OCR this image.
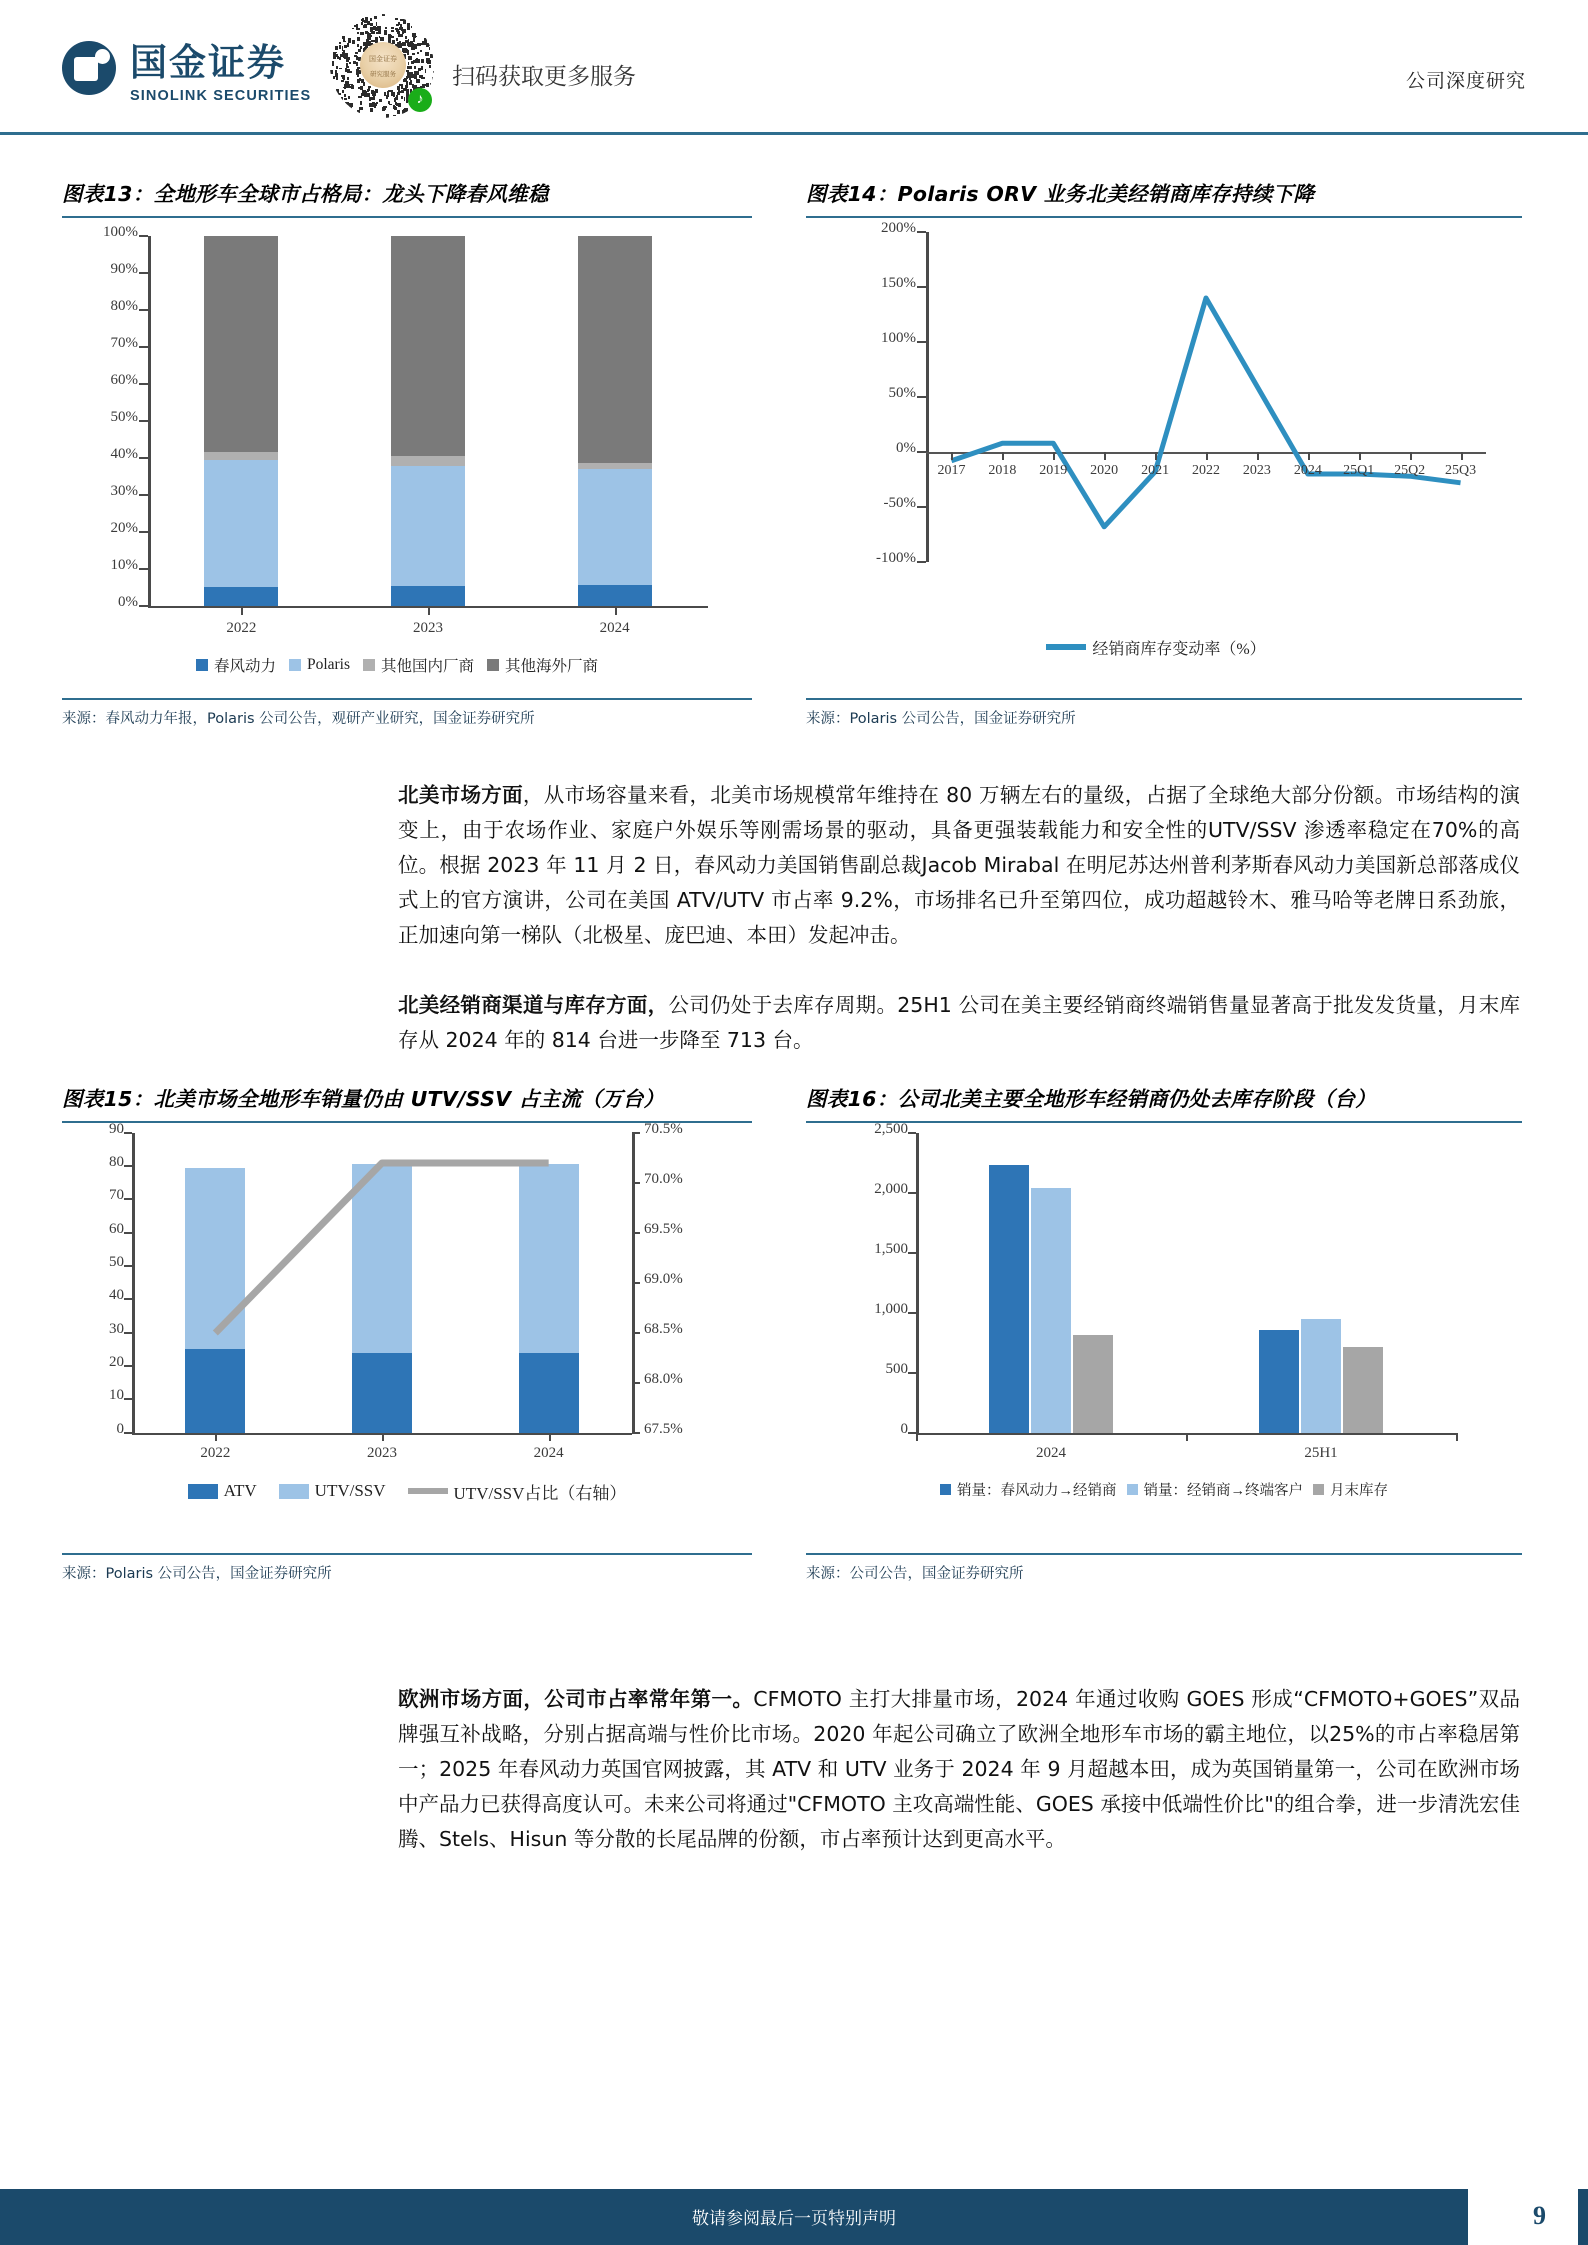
国金证券
SINOLINK SECURITIES
国金证券
研究服务
♪
扫码获取更多服务	公司深度研究
图表13：全地形车全球市占格局：龙头下降春风维稳
0%
10%
20%
30%
40%
50%
60%
70%
80%
90%
100%
2022	2023	2024
春风动力 Polaris 其他国内厂商 其他海外厂商
来源：春风动力年报，Polaris 公司公告，观研产业研究，国金证券研究所
图表14：Polaris ORV 业务北美经销商库存持续下降
-100%
-50%
0%
50%
100%
150%
200%
2017	2018	2019	2020	2021	2022	2023	2024	25Q1	25Q2	25Q3
经销商库存变动率（%）
来源：Polaris 公司公告，国金证券研究所
北美市场方面，从市场容量来看，北美市场规模常年维持在 80 万辆左右的量级，占据了全球绝大部分份额。市场结构的演变上，由于农场作业、家庭户外娱乐等刚需场景的驱动，具备更强装载能力和安全性的UTV/SSV 渗透率稳定在70%的高位。根据 2023 年 11 月 2 日，春风动力美国销售副总裁Jacob Mirabal 在明尼苏达州普利茅斯春风动力美国新总部落成仪式上的官方演讲，公司在美国 ATV/UTV 市占率 9.2%，市场排名已升至第四位，成功超越铃木、雅马哈等老牌日系劲旅，正加速向第一梯队（北极星、庞巴迪、本田）发起冲击。
北美经销商渠道与库存方面，公司仍处于去库存周期。25H1 公司在美主要经销商终端销售量显著高于批发发货量，月末库存从 2024 年的 814 台进一步降至 713 台。
图表15：北美市场全地形车销量仍由 UTV/SSV 占主流（万台）
0
10
20
30
40
50
60
70
80
90
67.5%
68.0%
68.5%
69.0%
69.5%
70.0%
70.5%
2022	2023	2024
ATV	UTV/SSV	UTV/SSV占比（右轴）
来源：Polaris 公司公告，国金证券研究所
图表16：公司北美主要全地形车经销商仍处去库存阶段（台）
0
500
1,000
1,500
2,000
2,500
2024	25H1
销量：春风动力→经销商 销量：经销商→终端客户 月末库存
来源：公司公告，国金证券研究所
欧洲市场方面，公司市占率常年第一。CFMOTO 主打大排量市场，2024 年通过收购 GOES 形成“CFMOTO+GOES”双品牌强互补战略，分别占据高端与性价比市场。2020 年起公司确立了欧洲全地形车市场的霸主地位，以25%的市占率稳居第一；2025 年春风动力英国官网披露，其 ATV 和 UTV 业务于 2024 年 9 月超越本田，成为英国销量第一，公司在欧洲市场中产品力已获得高度认可。未来公司将通过"CFMOTO 主攻高端性能、GOES 承接中低端性价比"的组合拳，进一步清洗宏佳腾、Stels、Hisun 等分散的长尾品牌的份额，市占率预计达到更高水平。
敬请参阅最后一页特别声明	9
